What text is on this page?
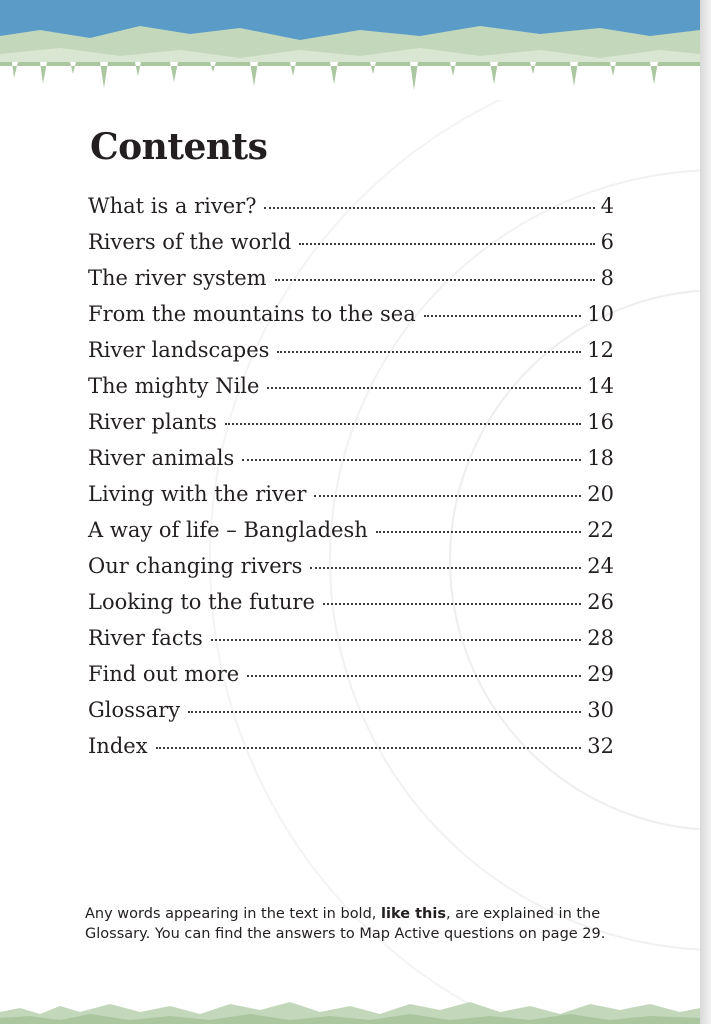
Contents
What is a river?	4
Rivers of the world	6
The river system	8
From the mountains to the sea	10
River landscapes	12
The mighty Nile	14
River plants	16
River animals	18
Living with the river	20
A way of life – Bangladesh	22
Our changing rivers	24
Looking to the future	26
River facts	28
Find out more	29
Glossary	30
Index	32

Any words appearing in the text in bold, like this, are explained in the Glossary. You can find the answers to Map Active questions on page 29.
